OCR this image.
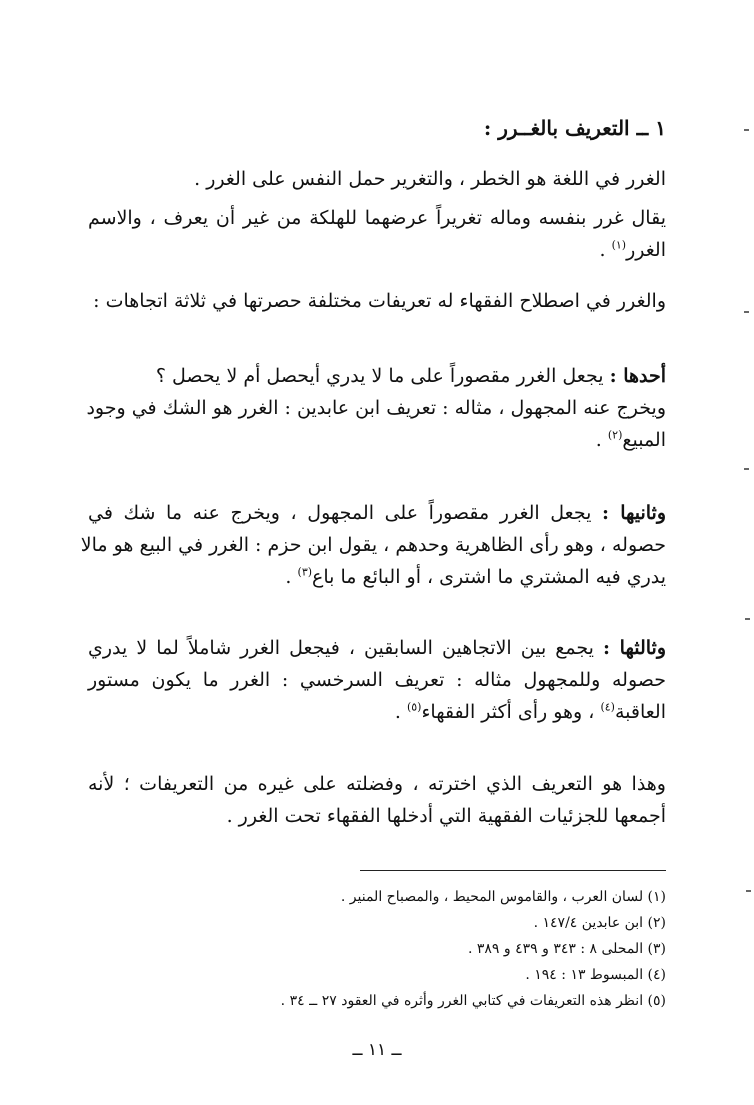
١ ــ التعريف بالغــرر :
الغرر في اللغة هو الخطر ، والتغرير حمل النفس على الغرر .
يقال غرر بنفسه وماله تغريراً عرضهما للهلكة من غير أن يعرف ، والاسم
الغرر$^{(١)}$ .
والغرر في اصطلاح الفقهاء له تعريفات مختلفة حصرتها في ثلاثة اتجاهات :
أحدها : يجعل الغرر مقصوراً على ما لا يدري أيحصل أم لا يحصل ؟
ويخرج عنه المجهول ، مثاله : تعريف ابن عابدين : الغرر هو الشك في وجود
المبيع$^{(٢)}$ .
وثانيها : يجعل الغرر مقصوراً على المجهول ، ويخرج عنه ما شك في
حصوله ، وهو رأى الظاهرية وحدهم ، يقول ابن حزم : الغرر في البيع هو مالا
يدري فيه المشتري ما اشترى ، أو البائع ما باع$^{(٣)}$ .
وثالثها : يجمع بين الاتجاهين السابقين ، فيجعل الغرر شاملاً لما لا يدري
حصوله وللمجهول مثاله : تعريف السرخسي : الغرر ما يكون مستور
العاقبة$^{(٤)}$ ، وهو رأى أكثر الفقهاء$^{(٥)}$ .
وهذا هو التعريف الذي اخترته ، وفضلته على غيره من التعريفات ؛ لأنه
أجمعها للجزئيات الفقهية التي أدخلها الفقهاء تحت الغرر .
(١) لسان العرب ، والقاموس المحيط ، والمصباح المنير .
(٢) ابن عابدين ١٤٧/٤ .
(٣) المحلى ٨ : ٣٤٣ و ٤٣٩ و ٣٨٩ .
(٤) المبسوط ١٣ : ١٩٤ .
(٥) انظر هذه التعريفات في كتابي الغرر وأثره في العقود ٢٧ ــ ٣٤ .
ــ ١١ ــ
